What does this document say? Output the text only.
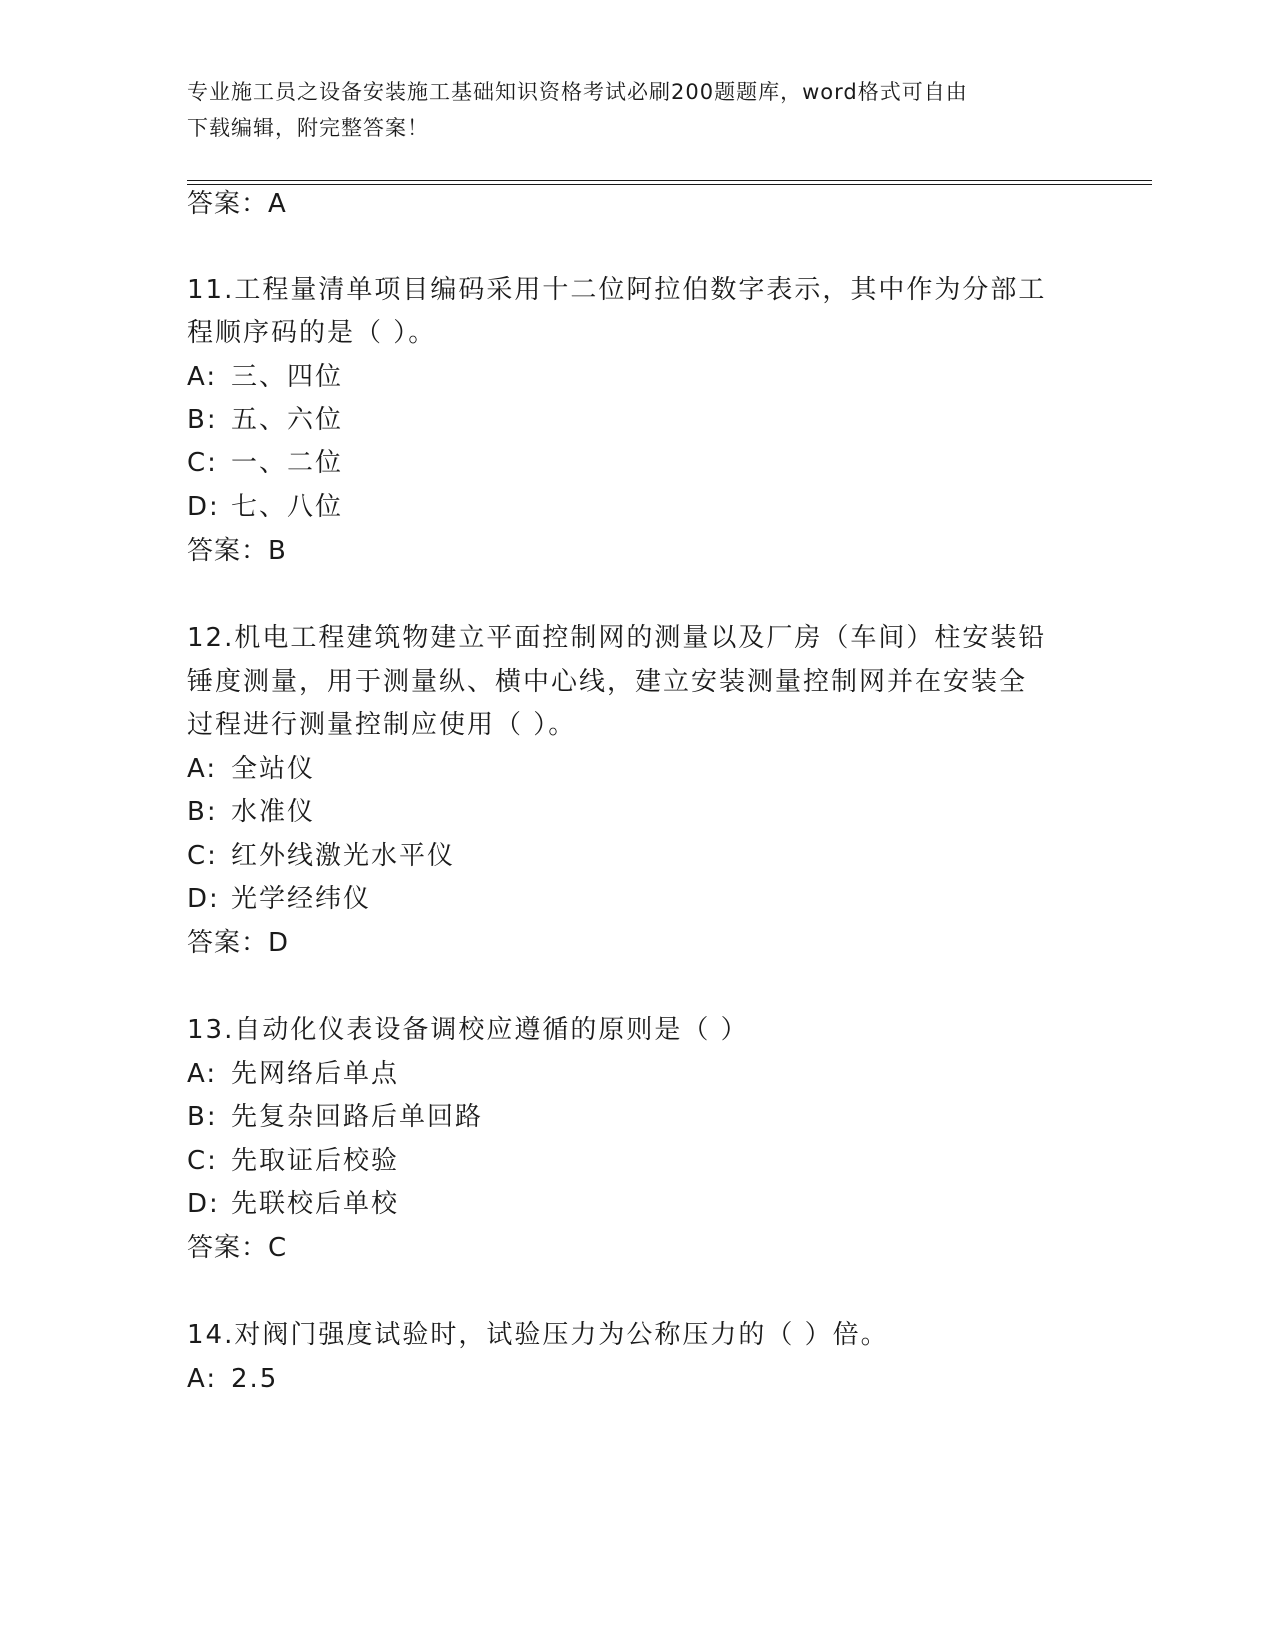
专业施工员之设备安装施工基础知识资格考试必刷200题题库，word格式可自由
下载编辑，附完整答案！
答案：A
11.工程量清单项目编码采用十二位阿拉伯数字表示，其中作为分部工
程顺序码的是（ ）。
A: 三、四位
B: 五、六位
C: 一、二位
D: 七、八位
答案：B
12.机电工程建筑物建立平面控制网的测量以及厂房（车间）柱安装铅
锤度测量，用于测量纵、横中心线，建立安装测量控制网并在安装全
过程进行测量控制应使用（ ）。
A: 全站仪
B: 水准仪
C: 红外线激光水平仪
D: 光学经纬仪
答案：D
13.自动化仪表设备调校应遵循的原则是（ ）
A: 先网络后单点
B: 先复杂回路后单回路
C: 先取证后校验
D: 先联校后单校
答案：C
14.对阀门强度试验时，试验压力为公称压力的（ ）倍。
A: 2.5
